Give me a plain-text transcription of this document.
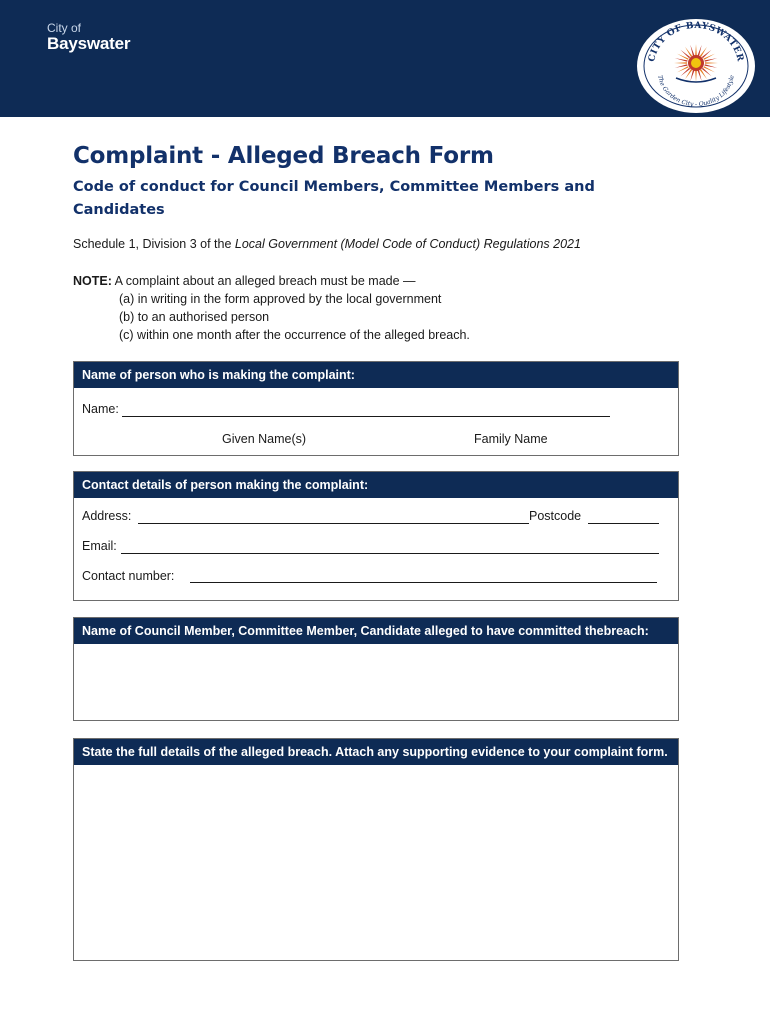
City of
Bayswater
CITY OF BAYSWATER
The Garden City - Quality Lifestyle
Complaint - Alleged Breach Form
Code of conduct for Council Members, Committee Members and Candidates
Schedule 1, Division 3 of the Local Government (Model Code of Conduct) Regulations 2021
NOTE: A complaint about an alleged breach must be made —
(a) in writing in the form approved by the local government
(b) to an authorised person
(c) within one month after the occurrence of the alleged breach.
Name of person who is making the complaint:
Name:
Given Name(s)	Family Name
Contact details of person making the complaint:
Address:	Postcode
Email:
Contact number:
Name of Council Member, Committee Member, Candidate alleged to have committed thebreach:
State the full details of the alleged breach. Attach any supporting evidence to your complaint form.
